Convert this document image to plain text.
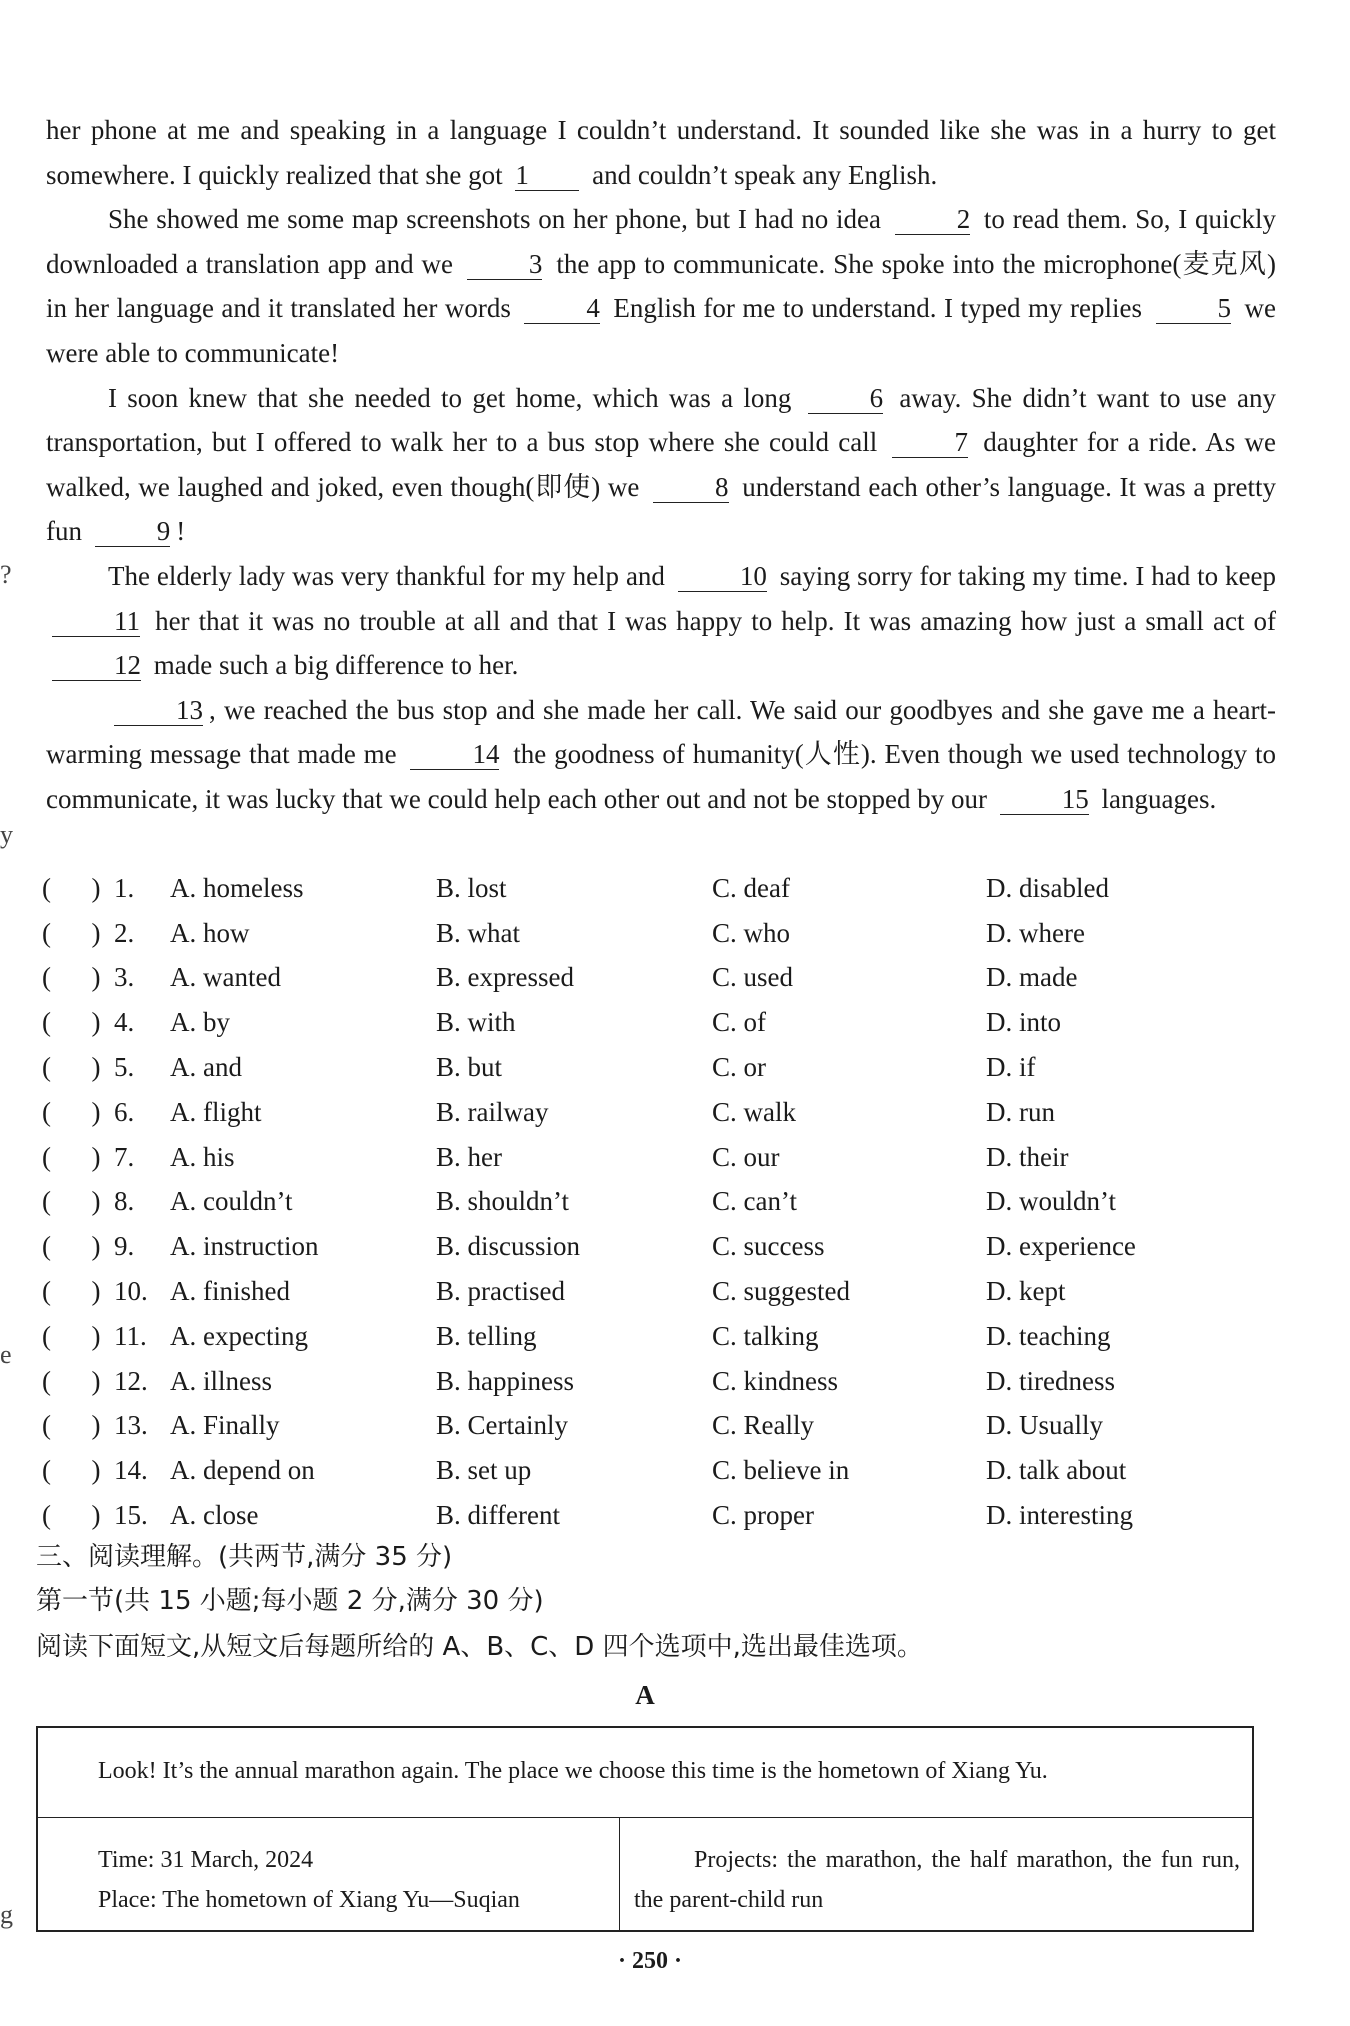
?
y
e
g

her phone at me and speaking in a language I couldn’t understand. It sounded like she was in a hurry to get somewhere. I quickly realized that she got 1 and couldn’t speak any English.

She showed me some map screenshots on her phone, but I had no idea	2 to read them. So, I quickly downloaded a translation app and we	3 the app to communicate. She spoke into the microphone(麦克风) in her language and it translated her words	4 English for me to understand. I typed my replies	5 we were able to communicate!

I soon knew that she needed to get home, which was a long	6 away. She didn’t want to use any transportation, but I offered to walk her to a bus stop where she could call	7 daughter for a ride. As we walked, we laughed and joked, even though(即使) we	8 understand each other’s language. It was a pretty fun	9 !

The elderly lady was very thankful for my help and	10 saying sorry for taking my time. I had to keep 11 her that it was no trouble at all and that I was happy to help. It was amazing how just a small act of 12 made such a big difference to her.

13 , we reached the bus stop and she made her call. We said our goodbyes and she gave me a heart-warming message that made me	14 the goodness of humanity(人性). Even though we used technology to communicate, it was lucky that we could help each other out and not be stopped by our	15 languages.

(      ) 1.	A. homeless	B. lost	C. deaf	D. disabled
(      ) 2.	A. how	B. what	C. who	D. where
(      ) 3.	A. wanted	B. expressed	C. used	D. made
(      ) 4.	A. by	B. with	C. of	D. into
(      ) 5.	A. and	B. but	C. or	D. if
(      ) 6.	A. flight	B. railway	C. walk	D. run
(      ) 7.	A. his	B. her	C. our	D. their
(      ) 8.	A. couldn’t	B. shouldn’t	C. can’t	D. wouldn’t
(      ) 9.	A. instruction	B. discussion	C. success	D. experience
(      ) 10. A. finished	B. practised	C. suggested	D. kept
(      ) 11. A. expecting	B. telling	C. talking	D. teaching
(      ) 12. A. illness	B. happiness	C. kindness	D. tiredness
(      ) 13. A. Finally	B. Certainly	C. Really	D. Usually
(      ) 14. A. depend on	B. set up	C. believe in	D. talk about
(      ) 15. A. close	B. different	C. proper	D. interesting
三、阅读理解。(共两节,满分 35 分)
第一节(共 15 小题;每小题 2 分,满分 30 分)
阅读下面短文,从短文后每题所给的 A、B、C、D 四个选项中,选出最佳选项。
A
Look! It’s the annual marathon again. The place we choose this time is the hometown of Xiang Yu.
Time: 31 March, 2024
Place: The hometown of Xiang Yu—Suqian
Projects: the marathon, the half marathon, the fun run, the parent-child run
· 250 ·
